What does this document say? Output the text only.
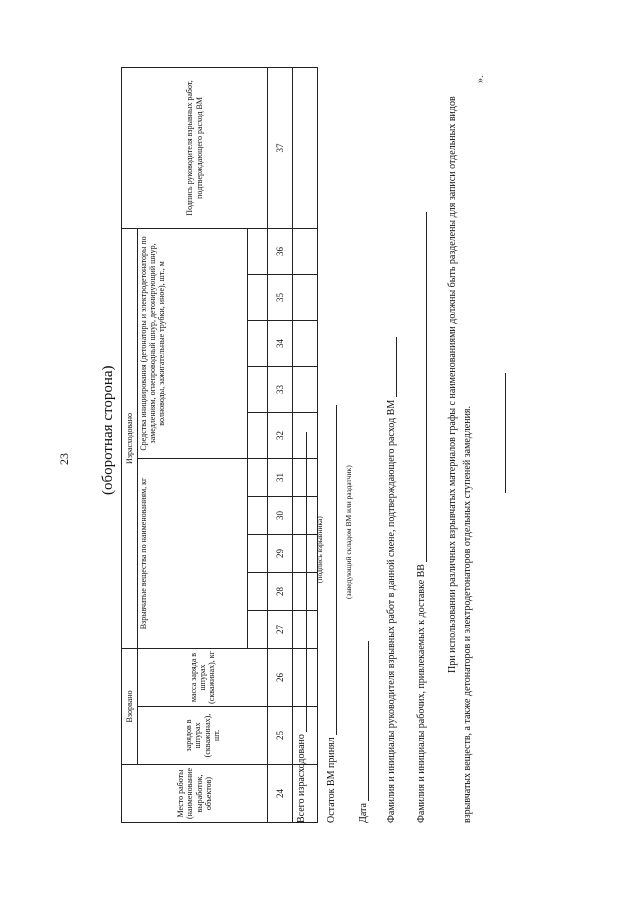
23 (оборотная сторона)
Место работы (наименование выработок, объектов)	Взорвано		Израсходовано										Подпись руководителя взрывных работ, подтверждающего расход ВМ
	зарядов в шпурах (скважинах), шт.	масса заряда в шпурах (скважинах), кг	Взрывчатые вещества по наименованиям, кг					Средства инициирования (детонаторы и электродетонаторы по замедлениям, огнепроводный шнур, детонирующий шнур, волноводы, зажигательные трубки, иное), шт., м					

24	25	26	27	28	29	30	31	32	33	34	35	36	37

Всего израсходовано
(подпись взрывника)
Остаток ВМ принял
(заведующий складом ВМ или раздатчик)
Дата Фамилия и инициалы руководителя взрывных работ в данной смене, подтверждающего расход ВМ Фамилия и инициалы рабочих, привлекаемых к доставке ВВ

При использовании различных взрывчатых материалов графы с наименованиями должны быть разделены для записи отдельных видов взрывчатых веществ, а также детонаторов и электродетонаторов отдельных ступеней замедления.
».
